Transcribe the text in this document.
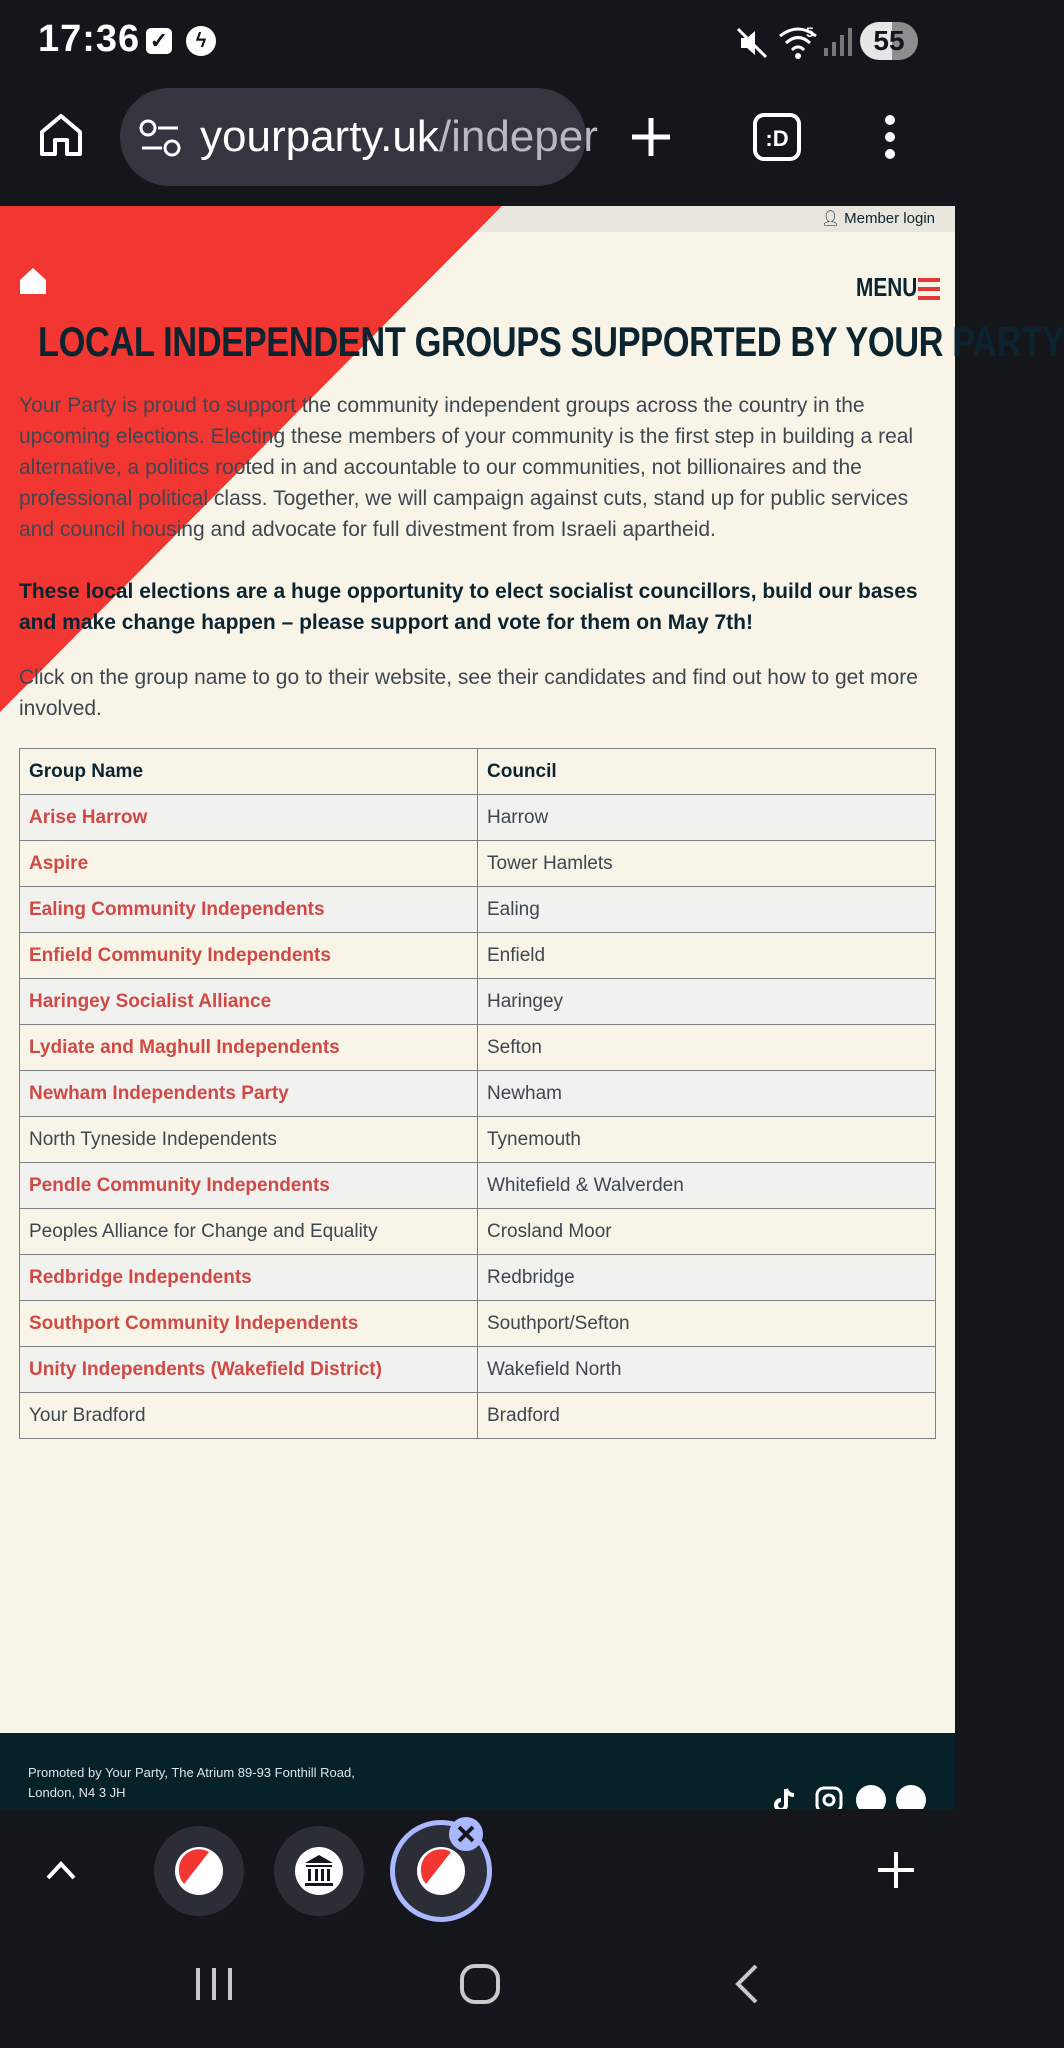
17:36 ✓	ϟ	5	55
yourparty.uk/indeper	:D
👤︎ Member login
MENU
LOCAL INDEPENDENT GROUPS SUPPORTED BY YOUR PARTY
Your Party is proud to support the community independent groups across the country in the upcoming elections. Electing these members of your community is the first step in building a real alternative, a politics rooted in and accountable to our communities, not billionaires and the professional political class. Together, we will campaign against cuts, stand up for public services and council housing and advocate for full divestment from Israeli apartheid.
These local elections are a huge opportunity to elect socialist councillors, build our bases and make change happen – please support and vote for them on May 7th!
Click on the group name to go to their website, see their candidates and find out how to get more involved.
Group Name	Council
Arise Harrow	Harrow
Aspire	Tower Hamlets
Ealing Community Independents	Ealing
Enfield Community Independents	Enfield
Haringey Socialist Alliance	Haringey
Lydiate and Maghull Independents	Sefton
Newham Independents Party	Newham
North Tyneside Independents	Tynemouth
Pendle Community Independents	Whitefield & Walverden
Peoples Alliance for Change and Equality	Crosland Moor
Redbridge Independents	Redbridge
Southport Community Independents	Southport/Sefton
Unity Independents (Wakefield District)	Wakefield North
Your Bradford	Bradford
Promoted by Your Party, The Atrium 89-93 Fonthill Road,
London, N4 3 JH
